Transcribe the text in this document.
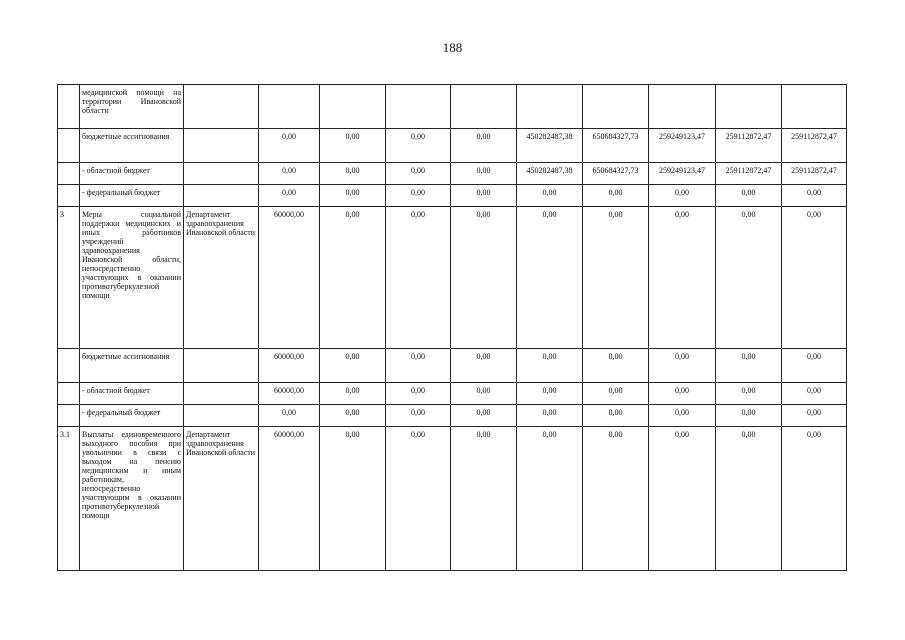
188
	медицинской помощи на территории Ивановской области										
	бюджетные ассигнования		0,00	0,00	0,00	0,00	450282487,38	650684327,73	259249123,47	259112872,47	259112872,47
	- областной бюджет		0,00	0,00	0,00	0,00	450282487,38	650684327,73	259249123,47	259112872,47	259112872,47
	- федеральный бюджет		0,00	0,00	0,00	0,00	0,00	0,00	0,00	0,00	0,00
3	Меры социальной поддержки медицинских и иных работников учреждений здравоохранения Ивановской области, непосредственно участвующих в оказании противотуберкулезной помощи	Департамент здравоохранения Ивановской области	60000,00	0,00	0,00	0,00	0,00	0,00	0,00	0,00	0,00
	бюджетные ассигнования		60000,00	0,00	0,00	0,00	0,00	0,00	0,00	0,00	0,00
	- областной бюджет		60000,00	0,00	0,00	0,00	0,00	0,00	0,00	0,00	0,00
	- федеральный бюджет		0,00	0,00	0,00	0,00	0,00	0,00	0,00	0,00	0,00
3.1	Выплаты единовременного выходного пособия при увольнении в связи с выходом на пенсию медицинским и иным работникам, непосредственно участвующим в оказании противотуберкулезной помощи	Департамент здравоохранения Ивановской области	60000,00	0,00	0,00	0,00	0,00	0,00	0,00	0,00	0,00
